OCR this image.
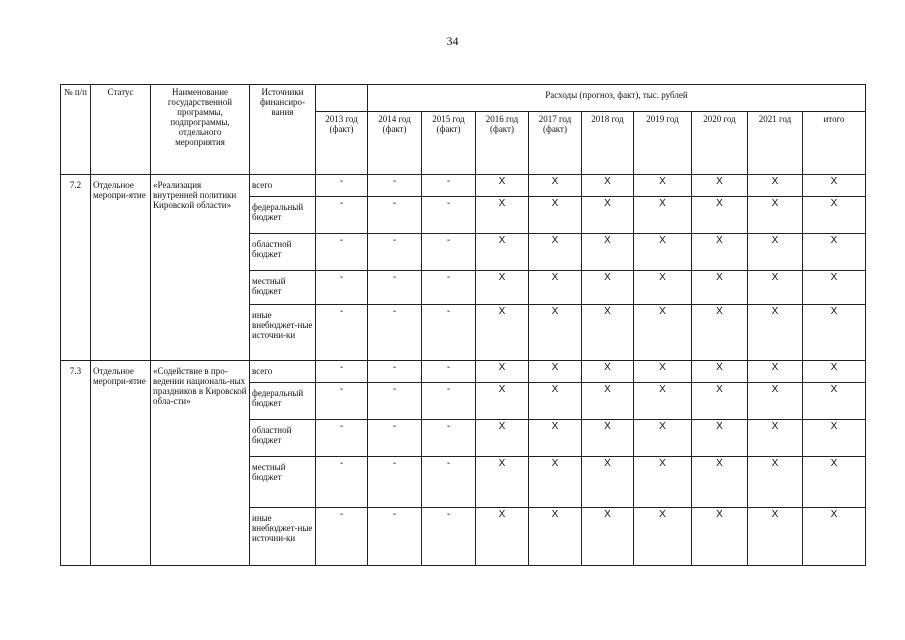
34
№ п/п	Статус	Наименование государственной программы, подпрограммы, отдельного мероприятия	Источники финансиро-вания		Расходы (прогноз, факт), тыс. рублей								
				2013 год (факт)	2014 год (факт)	2015 год (факт)	2016 год (факт)	2017 год (факт)	2018 год	2019 год	2020 год	2021 год	итого
7.2	Отдельное меропри-ятие	«Реализация внутренней политики Кировской области»	всего	-	-	-	X	X	X	X	X	X	X
			федеральный бюджет	-	-	-	X	X	X	X	X	X	X
			областной бюджет	-	-	-	X	X	X	X	X	X	X
			местный бюджет	-	-	-	X	X	X	X	X	X	X
			иные внебюджет-ные источни-ки	-	-	-	X	X	X	X	X	X	X
7.3	Отдельное меропри-ятие	«Содействие в про-ведении националь-ных праздников в Кировской обла-сти»	всего	-	-	-	X	X	X	X	X	X	X
			федеральный бюджет	-	-	-	X	X	X	X	X	X	X
			областной бюджет	-	-	-	X	X	X	X	X	X	X
			местный бюджет	-	-	-	X	X	X	X	X	X	X
			иные внебюджет-ные источни-ки	-	-	-	X	X	X	X	X	X	X
